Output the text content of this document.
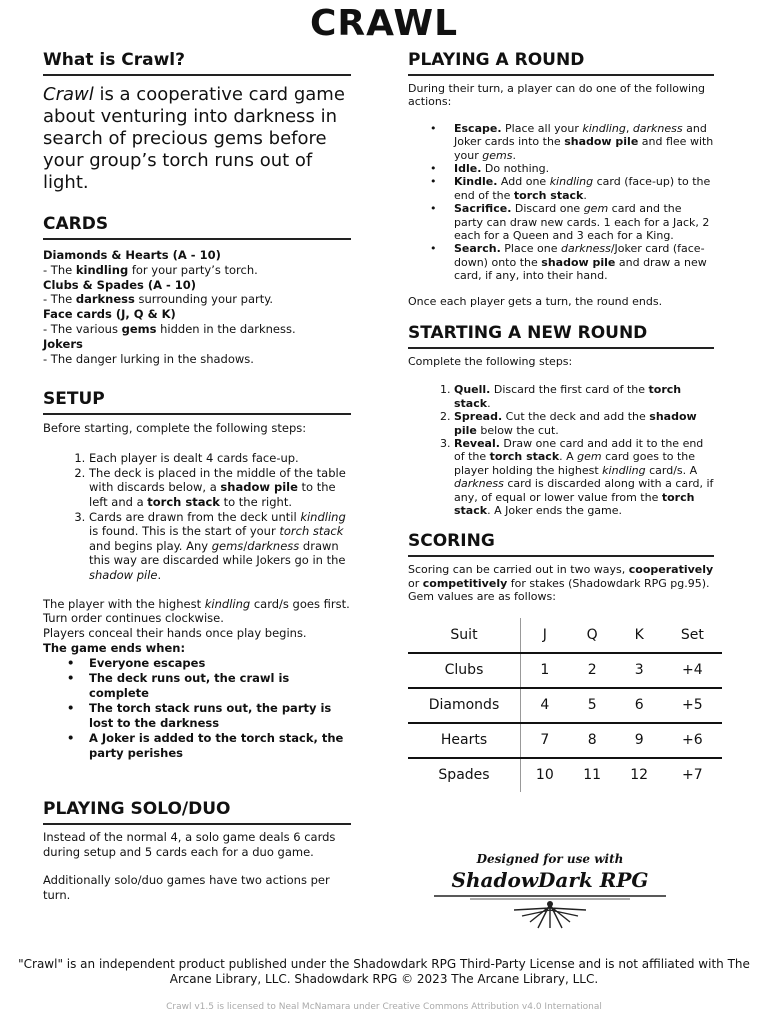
CRAWL
What is Crawl?
Crawl is a cooperative card game about venturing into darkness in search of precious gems before your group’s torch runs out of light.
CARDS
Diamonds & Hearts (A - 10)
- The kindling for your party’s torch.
Clubs & Spades (A - 10)
- The darkness surrounding your party.
Face cards (J, Q & K)
- The various gems hidden in the darkness.
Jokers
- The danger lurking in the shadows.
SETUP

Before starting, complete the following steps:

1. Each player is dealt 4 cards face-up.
2. The deck is placed in the middle of the table with discards below, a shadow pile to the left and a torch stack to the right.
3. Cards are drawn from the deck until kindling is found. This is the start of your torch stack and begins play. Any gems/darkness drawn this way are discarded while Jokers go in the shadow pile.

The player with the highest kindling card/s goes first. Turn order continues clockwise.

Players conceal their hands once play begins.

The game ends when:

• Everyone escapes
• The deck runs out, the crawl is complete
• The torch stack runs out, the party is lost to the darkness
• A Joker is added to the torch stack, the party perishes
PLAYING SOLO/DUO

Instead of the normal 4, a solo game deals 6 cards during setup and 5 cards each for a duo game.

Additionally solo/duo games have two actions per turn.

PLAYING A ROUND

During their turn, a player can do one of the following actions:

• Escape. Place all your kindling, darkness and Joker cards into the shadow pile and flee with your gems.
• Idle. Do nothing.
• Kindle. Add one kindling card (face-up) to the end of the torch stack.
• Sacrifice. Discard one gem card and the party can draw new cards. 1 each for a Jack, 2 each for a Queen and 3 each for a King.
• Search. Place one darkness/Joker card (face-down) onto the shadow pile and draw a new card, if any, into their hand.

Once each player gets a turn, the round ends.

STARTING A NEW ROUND

Complete the following steps:

1. Quell. Discard the first card of the torch stack.
2. Spread. Cut the deck and add the shadow pile below the cut.
3. Reveal. Draw one card and add it to the end of the torch stack. A gem card goes to the player holding the highest kindling card/s. A darkness card is discarded along with a card, if any, of equal or lower value from the torch stack. A Joker ends the game.
SCORING

Scoring can be carried out in two ways, cooperatively or competitively for stakes (Shadowdark RPG pg.95).

Gem values are as follows:

Suit	J	Q	K	Set
Clubs	1	2	3	+4
Diamonds	4	5	6	+5
Hearts	7	8	9	+6
Spades	10	11	12	+7
Designed for use with
ShadowDark RPG
"Crawl" is an independent product published under the Shadowdark RPG Third-Party License and is not affiliated with The Arcane Library, LLC. Shadowdark RPG © 2023 The Arcane Library, LLC.
Crawl v1.5 is licensed to Neal McNamara under Creative Commons Attribution v4.0 International
